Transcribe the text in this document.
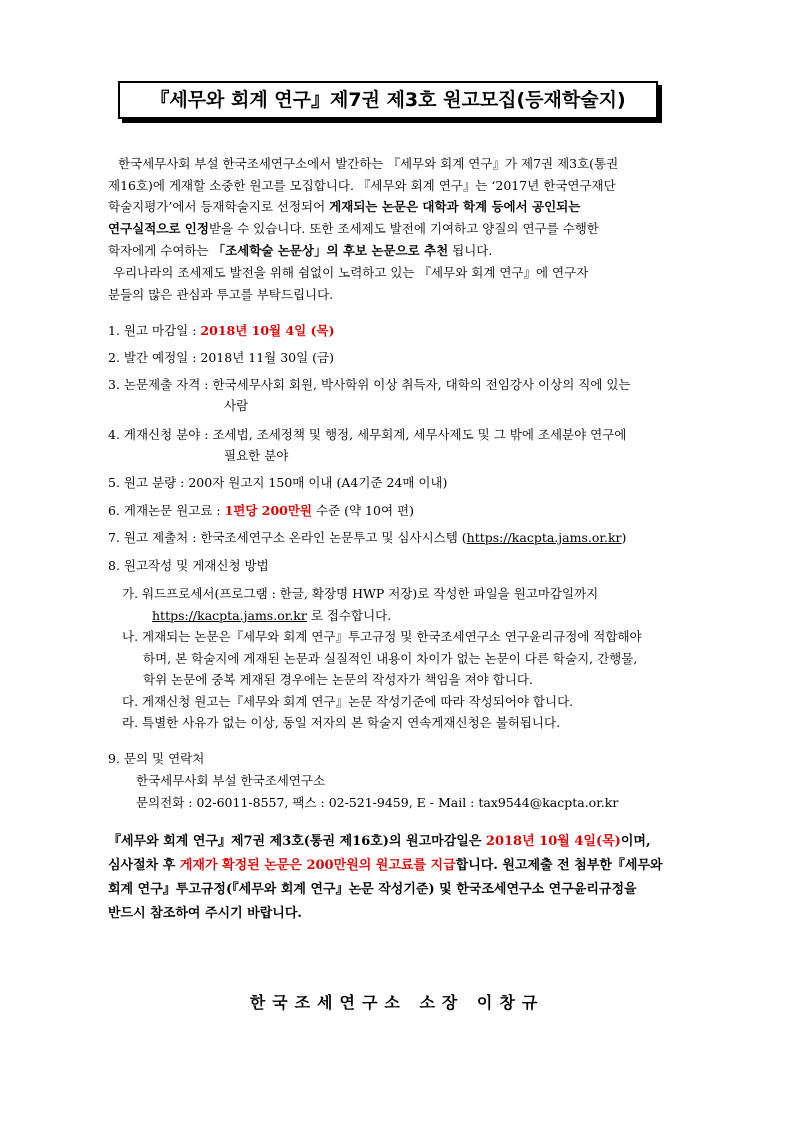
『세무와 회계 연구』제7권 제3호 원고모집(등재학술지)
한국세무사회 부설 한국조세연구소에서 발간하는 『세무와 회계 연구』가 제7권 제3호(통권
제16호)에 게재할 소중한 원고를 모집합니다. 『세무와 회계 연구』는 ‘2017년 한국연구재단
학술지평가’에서 등재학술지로 선정되어 게재되는 논문은 대학과 학계 등에서 공인되는
연구실적으로 인정받을 수 있습니다. 또한 조세제도 발전에 기여하고 양질의 연구를 수행한
학자에게 수여하는 「조세학술 논문상」의 후보 논문으로 추천 됩니다.
우리나라의 조세제도 발전을 위해 쉼없이 노력하고 있는 『세무와 회계 연구』에 연구자
분들의 많은 관심과 투고를 부탁드립니다.
1. 원고 마감일 : 2018년 10월 4일 (목)
2. 발간 예정일 : 2018년 11월 30일 (금)
3. 논문제출 자격 : 한국세무사회 회원, 박사학위 이상 취득자, 대학의 전임강사 이상의 직에 있는
사람
4. 게재신청 분야 : 조세법, 조세정책 및 행정, 세무회계, 세무사제도 및 그 밖에 조세분야 연구에
필요한 분야
5. 원고 분량 : 200자 원고지 150매 이내 (A4기준 24매 이내)
6. 게재논문 원고료 : 1편당 200만원 수준 (약 10여 편)
7. 원고 제출처 : 한국조세연구소 온라인 논문투고 및 심사시스템 (https://kacpta.jams.or.kr)
8. 원고작성 및 게재신청 방법
가. 워드프로세서(프로그램 : 한글, 확장명 HWP 저장)로 작성한 파일을 원고마감일까지
https://kacpta.jams.or.kr 로 접수합니다.
나. 게재되는 논문은『세무와 회계 연구』투고규정 및 한국조세연구소 연구윤리규정에 적합해야
하며, 본 학술지에 게재된 논문과 실질적인 내용이 차이가 없는 논문이 다른 학술지, 간행물,
학위 논문에 중복 게재된 경우에는 논문의 작성자가 책임을 져야 합니다.
다. 게재신청 원고는『세무와 회계 연구』논문 작성기준에 따라 작성되어야 합니다.
라. 특별한 사유가 없는 이상, 동일 저자의 본 학술지 연속게재신청은 불허됩니다.
9. 문의 및 연락처
한국세무사회 부설 한국조세연구소
문의전화 : 02-6011-8557, 팩스 : 02-521-9459, E - Mail : tax9544@kacpta.or.kr
『세무와 회계 연구』제7권 제3호(통권 제16호)의 원고마감일은 2018년 10월 4일(목)이며,
심사절차 후 게재가 확정된 논문은 200만원의 원고료를 지급합니다. 원고제출 전 첨부한『세무와
회계 연구』투고규정(『세무와 회계 연구』논문 작성기준) 및 한국조세연구소 연구윤리규정을
반드시 참조하여 주시기 바랍니다.
한국조세연구소 소장 이창규
